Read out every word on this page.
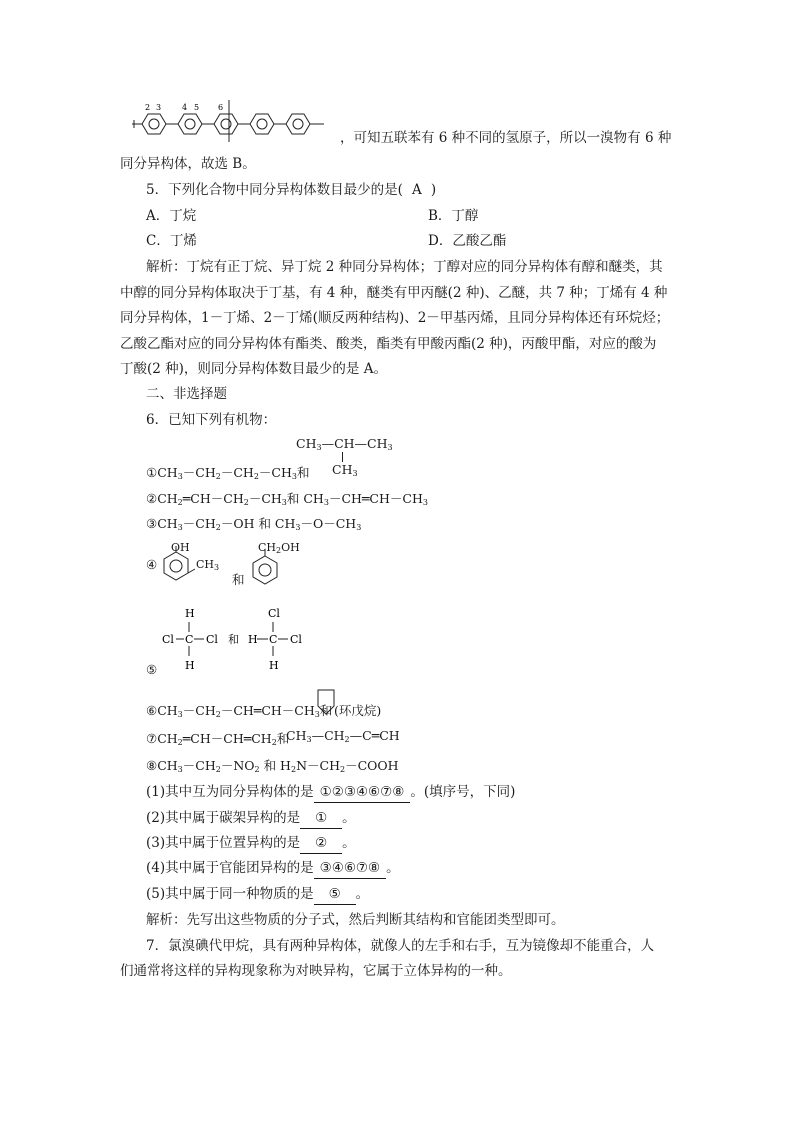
2 3	4 5 6
，可知五联苯有 6 种不同的氢原子，所以一溴物有 6 种
同分异构体，故选 B。
5．下列化合物中同分异构体数目最少的是( A )
A．丁烷	B．丁醇
C．丁烯	D．乙酸乙酯
解析：丁烷有正丁烷、异丁烷 2 种同分异构体；丁醇对应的同分异构体有醇和醚类，其
中醇的同分异构体取决于丁基，有 4 种，醚类有甲丙醚(2 种)、乙醚，共 7 种；丁烯有 4 种
同分异构体，1－丁烯、2－丁烯(顺反两种结构)、2－甲基丙烯，且同分异构体还有环烷烃；
乙酸乙酯对应的同分异构体有酯类、酸类，酯类有甲酸丙酯(2 种)，丙酸甲酯，对应的酸为
丁酸(2 种)，则同分异构体数目最少的是 A。
二、非选择题
6．已知下列有机物：
$CH_3—CH—CH_3$
$CH_3$
$①CH_3-CH_2-CH_2-CH_3$和
$②CH_2═CH-CH_2-CH_3$和 $CH_3-CH═CH-CH_3$
$③CH_3-CH_2-OH$ 和 $CH_3-O-CH_3$
④
OH
$CH_3$
和
$CH_2OH$
⑤
H
Cl C Cl
H
和
Cl
H C Cl
H
$⑥CH_3-CH_2-CH═CH-CH_3$和 (环戊烷)
$⑦CH_2═CH-CH═CH_2$和
$CH_3—CH_2—C═CH$
$⑧CH_3-CH_2-NO_2$ 和 $H_2N-CH_2-COOH$
(1)其中互为同分异构体的是 ①②③④⑥⑦⑧ 。(填序号，下同)
(2)其中属于碳架异构的是 ① 。
(3)其中属于位置异构的是 ② 。
(4)其中属于官能团异构的是 ③④⑥⑦⑧ 。
(5)其中属于同一种物质的是 ⑤ 。
解析：先写出这些物质的分子式，然后判断其结构和官能团类型即可。
7．氯溴碘代甲烷，具有两种异构体，就像人的左手和右手，互为镜像却不能重合，人
们通常将这样的异构现象称为对映异构，它属于立体异构的一种。
